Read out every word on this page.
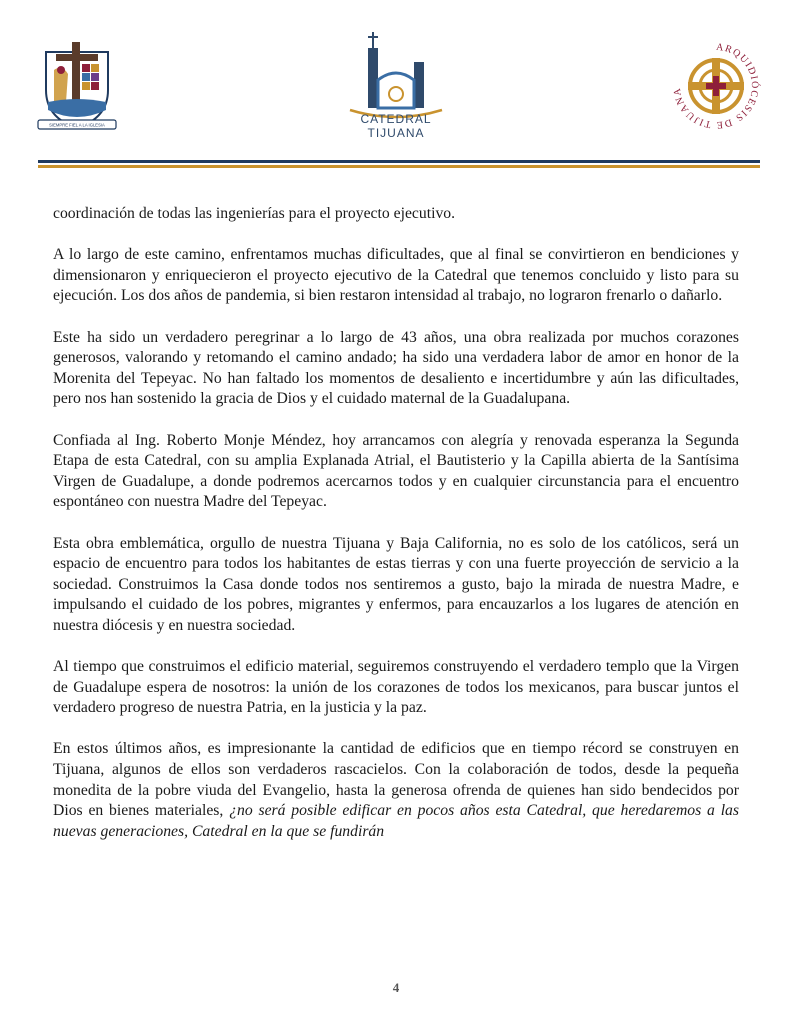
SIEMPRE FIEL A LA IGLESIA	CATEDRAL
TIJUANA
ARQUIDIÓCESIS DE TIJUANA

coordinación de todas las ingenierías para el proyecto ejecutivo.

A lo largo de este camino, enfrentamos muchas dificultades, que al final se convirtieron en bendiciones y dimensionaron y enriquecieron el proyecto ejecutivo de la Catedral que tenemos concluido y listo para su ejecución. Los dos años de pandemia, si bien restaron intensidad al trabajo, no lograron frenarlo o dañarlo.

Este ha sido un verdadero peregrinar a lo largo de 43 años, una obra realizada por muchos corazones generosos, valorando y retomando el camino andado; ha sido una verdadera labor de amor en honor de la Morenita del Tepeyac. No han faltado los momentos de desaliento e incertidumbre y aún las dificultades, pero nos han sostenido la gracia de Dios y el cuidado maternal de la Guadalupana.

Confiada al Ing. Roberto Monje Méndez, hoy arrancamos con alegría y renovada esperanza la Segunda Etapa de esta Catedral, con su amplia Explanada Atrial, el Bautisterio y la Capilla abierta de la Santísima Virgen de Guadalupe, a donde podremos acercarnos todos y en cualquier circunstancia para el encuentro espontáneo con nuestra Madre del Tepeyac.

Esta obra emblemática, orgullo de nuestra Tijuana y Baja California, no es solo de los católicos, será un espacio de encuentro para todos los habitantes de estas tierras y con una fuerte proyección de servicio a la sociedad. Construimos la Casa donde todos nos sentiremos a gusto, bajo la mirada de nuestra Madre, e impulsando el cuidado de los pobres, migrantes y enfermos, para encauzarlos a los lugares de atención en nuestra diócesis y en nuestra sociedad.

Al tiempo que construimos el edificio material, seguiremos construyendo el verdadero templo que la Virgen de Guadalupe espera de nosotros: la unión de los corazones de todos los mexicanos, para buscar juntos el verdadero progreso de nuestra Patria, en la justicia y la paz.

En estos últimos años, es impresionante la cantidad de edificios que en tiempo récord se construyen en Tijuana, algunos de ellos son verdaderos rascacielos. Con la colaboración de todos, desde la pequeña monedita de la pobre viuda del Evangelio, hasta la generosa ofrenda de quienes han sido bendecidos por Dios en bienes materiales, ¿no será posible edificar en pocos años esta Catedral, que heredaremos a las nuevas generaciones, Catedral en la que se fundirán

4
